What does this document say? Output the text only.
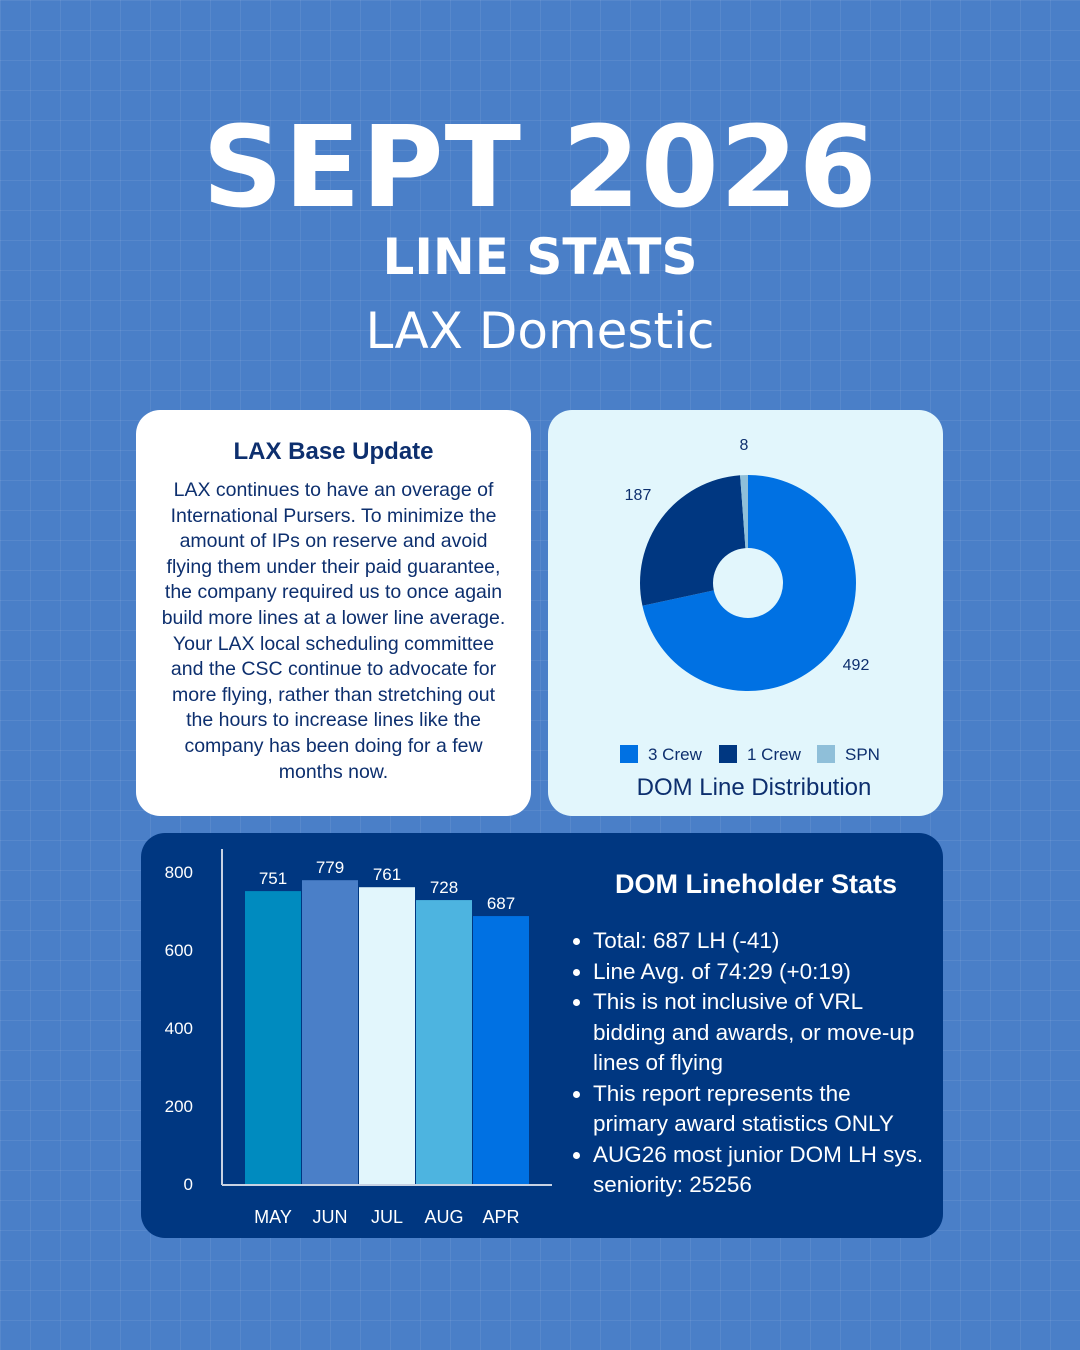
SEPT 2026
LINE STATS
LAX Domestic
LAX Base Update

LAX continues to have an overage of International Pursers. To minimize the amount of IPs on reserve and avoid flying them under their paid guarantee, the company required us to once again build more lines at a lower line average. Your LAX local scheduling committee and the CSC continue to advocate for more flying, rather than stretching out the hours to increase lines like the company has been doing for a few months now.

492
187
8
3 Crew	1 Crew	SPN
DOM Line Distribution
0
200
400
600
800	751
MAY
779
JUN
761
JUL
728
AUG
687
APR
DOM Lineholder Stats
• Total: 687 LH (-41)
• Line Avg. of 74:29 (+0:19)
• This is not inclusive of VRL bidding and awards, or move-up lines of flying
• This report represents the primary award statistics ONLY
• AUG26 most junior DOM LH sys. seniority: 25256
